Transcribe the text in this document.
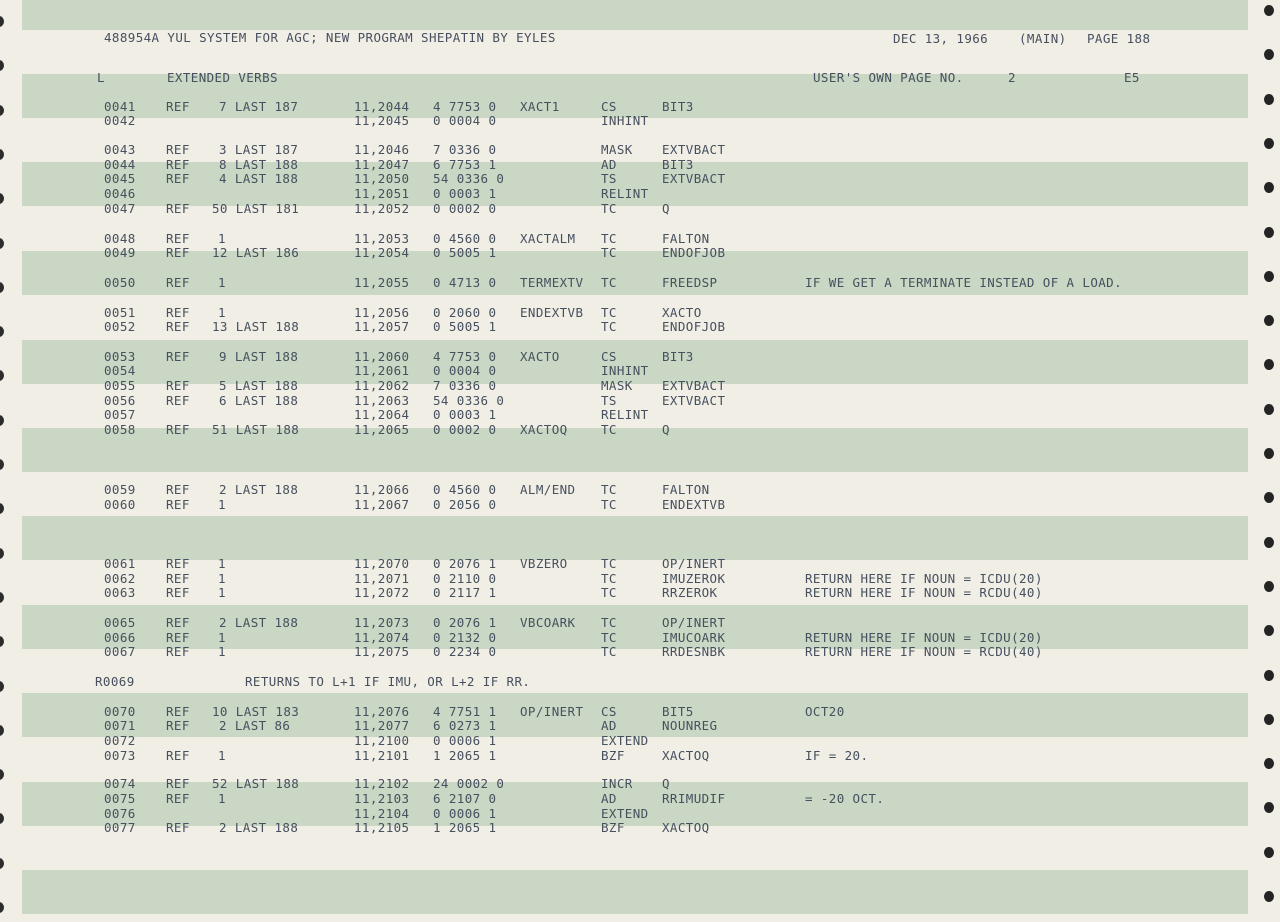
488954A YUL SYSTEM FOR AGC; NEW PROGRAM SHEPATIN BY EYLES	DEC 13, 1966 (MAIN) PAGE 188
L	EXTENDED VERBS	USER'S OWN PAGE NO.	2	E5
0041 REF 7 LAST 187	11,2044 4 7753 0 XACT1	CS	BIT3
0042	11,2045 0 0004 0	INHINT
0043 REF 3 LAST 187	11,2046 7 0336 0	MASK EXTVBACT
0044 REF 8 LAST 188	11,2047 6 7753 1	AD	BIT3
0045 REF 4 LAST 188	11,2050 54 0336 0	TS	EXTVBACT
0046	11,2051 0 0003 1	RELINT
0047 REF 50 LAST 181	11,2052 0 0002 0	TC	Q
0048 REF 1	11,2053 0 4560 0 XACTALM TC	FALTON
0049 REF 12 LAST 186	11,2054 0 5005 1	TC	ENDOFJOB
0050 REF 1	11,2055 0 4713 0 TERMEXTV TC	FREEDSP	IF WE GET A TERMINATE INSTEAD OF A LOAD.
0051 REF 1	11,2056 0 2060 0 ENDEXTVB TC	XACTO
0052 REF 13 LAST 188	11,2057 0 5005 1	TC	ENDOFJOB
0053 REF 9 LAST 188	11,2060 4 7753 0 XACTO	CS	BIT3
0054	11,2061 0 0004 0	INHINT
0055 REF 5 LAST 188	11,2062 7 0336 0	MASK EXTVBACT
0056 REF 6 LAST 188	11,2063 54 0336 0	TS	EXTVBACT
0057	11,2064 0 0003 1	RELINT
0058 REF 51 LAST 188	11,2065 0 0002 0 XACTOQ	TC	Q
0059 REF 2 LAST 188	11,2066 0 4560 0 ALM/END TC	FALTON
0060 REF 1	11,2067 0 2056 0	TC	ENDEXTVB
0061 REF 1	11,2070 0 2076 1 VBZERO	TC	OP/INERT
0062 REF 1	11,2071 0 2110 0	TC	IMUZEROK	RETURN HERE IF NOUN = ICDU(20)
0063 REF 1	11,2072 0 2117 1	TC	RRZEROK	RETURN HERE IF NOUN = RCDU(40)
0065 REF 2 LAST 188	11,2073 0 2076 1 VBCOARK TC	OP/INERT
0066 REF 1	11,2074 0 2132 0	TC	IMUCOARK	RETURN HERE IF NOUN = ICDU(20)
0067 REF 1	11,2075 0 2234 0	TC	RRDESNBK	RETURN HERE IF NOUN = RCDU(40)
R0069	RETURNS TO L+1 IF IMU, OR L+2 IF RR.
0070 REF 10 LAST 183	11,2076 4 7751 1 OP/INERT CS	BIT5	OCT20
0071 REF 2 LAST 86	11,2077 6 0273 1	AD	NOUNREG
0072	11,2100 0 0006 1	EXTEND
0073 REF 1	11,2101 1 2065 1	BZF	XACTOQ	IF = 20.
0074 REF 52 LAST 188	11,2102 24 0002 0	INCR Q
0075 REF 1	11,2103 6 2107 0	AD	RRIMUDIF	= -20 OCT.
0076	11,2104 0 0006 1	EXTEND
0077 REF 2 LAST 188	11,2105 1 2065 1	BZF	XACTOQ
